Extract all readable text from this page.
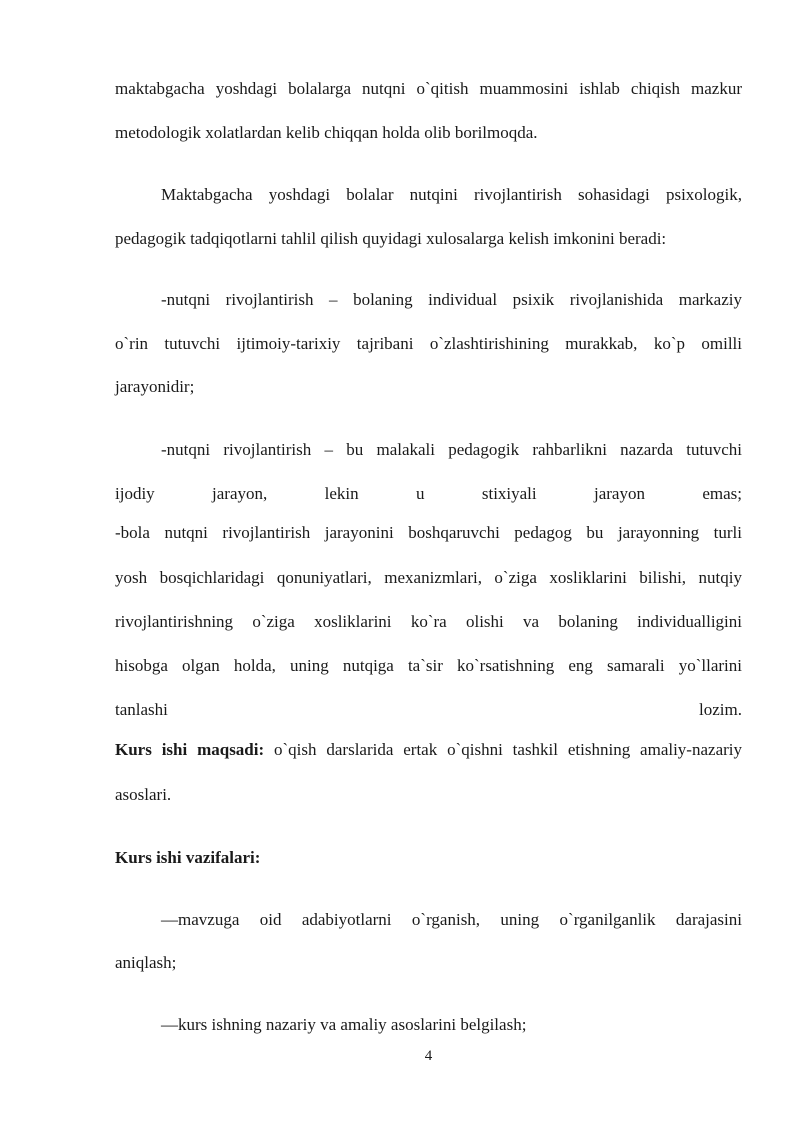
maktabgacha yoshdagi bolalarga nutqni o`qitish muammosini ishlab chiqish mazkur
metodologik xolatlardan kelib chiqqan holda olib borilmoqda.
Maktabgacha yoshdagi bolalar nutqini rivojlantirish sohasidagi psixologik,
pedagogik tadqiqotlarni tahlil qilish quyidagi xulosalarga kelish imkonini beradi:
-nutqni rivojlantirish – bolaning individual psixik rivojlanishida markaziy
o`rin tutuvchi ijtimoiy-tarixiy tajribani o`zlashtirishining murakkab, ko`p omilli
jarayonidir;
-nutqni rivojlantirish – bu malakali pedagogik rahbarlikni nazarda tutuvchi
ijodiy jarayon, lekin u stixiyali jarayon emas;
-bola nutqni rivojlantirish jarayonini boshqaruvchi pedagog bu jarayonning turli
yosh bosqichlaridagi qonuniyatlari, mexanizmlari, o`ziga xosliklarini bilishi, nutqiy
rivojlantirishning o`ziga xosliklarini ko`ra olishi va bolaning individualligini
hisobga olgan holda, uning nutqiga ta`sir ko`rsatishning eng samarali yo`llarini
tanlashi lozim.
Kurs ishi maqsadi: o`qish darslarida ertak o`qishni tashkil etishning amaliy-nazariy
asoslari.
Kurs ishi vazifalari:
—mavzuga oid adabiyotlarni o`rganish, uning o`rganilganlik darajasini
aniqlash;
—kurs ishning nazariy va amaliy asoslarini belgilash;
4
